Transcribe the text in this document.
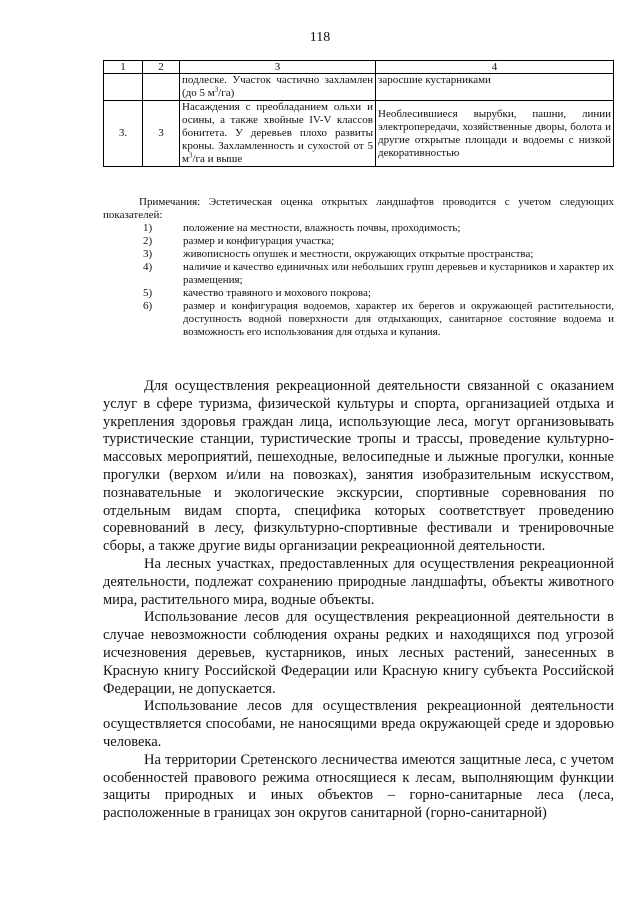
118
1	2	3	4
		подлеске. Участок частично захламлен (до 5 $м^3/га$)	заросшие кустарниками
3.	3	Насаждения с преобладанием ольхи и осины, а также хвойные IV-V классов бонитета. У деревьев плохо развиты кроны. Захламленность и сухостой от 5 $м^3/га$ и выше	Необлесившиеся вырубки, пашни, линии электропередачи, хозяйственные дворы, болота и другие открытые площади и водоемы с низкой декоративностью

Примечания: Эстетическая оценка открытых ландшафтов проводится с учетом следующих показателей:

1)	положение на местности, влажность почвы, проходимость;
2)	размер и конфигурация участка;
3)	живописность опушек и местности, окружающих открытые пространства;
4)	наличие и качество единичных или небольших групп деревьев и кустарников и характер их размещения;
5)	качество травяного и мохового покрова;
6)	размер и конфигурация водоемов, характер их берегов и окружающей растительности, доступность водной поверхности для отдыхающих, санитарное состояние водоема и возможность его использования для отдыха и купания.

Для осуществления рекреационной деятельности связанной с оказанием услуг в сфере туризма, физической культуры и спорта, организацией отдыха и укрепления здоровья граждан лица, использующие леса, могут организовывать туристические станции, туристические тропы и трассы, проведение культурно-массовых мероприятий, пешеходные, велосипедные и лыжные прогулки, конные прогулки (верхом и/или на повозках), занятия изобразительным искусством, познавательные и экологические экскурсии, спортивные соревнования по отдельным видам спорта, специфика которых соответствует проведению соревнований в лесу, физкультурно-спортивные фестивали и тренировочные сборы, а также другие виды организации рекреационной деятельности.

На лесных участках, предоставленных для осуществления рекреационной деятельности, подлежат сохранению природные ландшафты, объекты животного мира, растительного мира, водные объекты.

Использование лесов для осуществления рекреационной деятельности в случае невозможности соблюдения охраны редких и находящихся под угрозой исчезновения деревьев, кустарников, иных лесных растений, занесенных в Красную книгу Российской Федерации или Красную книгу субъекта Российской Федерации, не допускается.

Использование лесов для осуществления рекреационной деятельности осуществляется способами, не наносящими вреда окружающей среде и здоровью человека.

На территории Сретенского лесничества имеются защитные леса, с учетом особенностей правового режима относящиеся к лесам, выполняющим функции защиты природных и иных объектов – горно-санитарные леса (леса, расположенные в границах зон округов санитарной (горно-санитарной)
